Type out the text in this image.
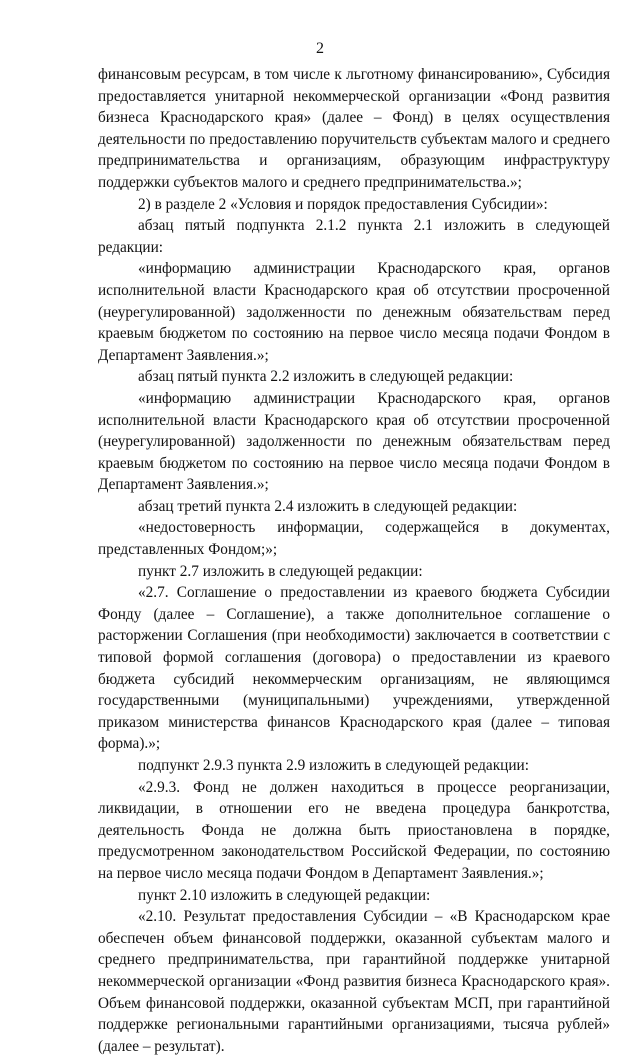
2

финансовым ресурсам, в том числе к льготному финансированию», Субсидия предоставляется унитарной некоммерческой организации «Фонд развития бизнеса Краснодарского края» (далее – Фонд) в целях осуществления деятельности по предоставлению поручительств субъектам малого и среднего предпринимательства и организациям, образующим инфраструктуру поддержки субъектов малого и среднего предпринимательства.»;

2) в разделе 2 «Условия и порядок предоставления Субсидии»:

абзац пятый подпункта 2.1.2 пункта 2.1 изложить в следующей редакции:

«информацию администрации Краснодарского края, органов исполнительной власти Краснодарского края об отсутствии просроченной (неурегулированной) задолженности по денежным обязательствам перед краевым бюджетом по состоянию на первое число месяца подачи Фондом в Департамент Заявления.»;

абзац пятый пункта 2.2 изложить в следующей редакции:

«информацию администрации Краснодарского края, органов исполнительной власти Краснодарского края об отсутствии просроченной (неурегулированной) задолженности по денежным обязательствам перед краевым бюджетом по состоянию на первое число месяца подачи Фондом в Департамент Заявления.»;

абзац третий пункта 2.4 изложить в следующей редакции:

«недостоверность информации, содержащейся в документах, представленных Фондом;»;

пункт 2.7 изложить в следующей редакции:

«2.7. Соглашение о предоставлении из краевого бюджета Субсидии Фонду (далее – Соглашение), а также дополнительное соглашение о расторжении Соглашения (при необходимости) заключается в соответствии с типовой формой соглашения (договора) о предоставлении из краевого бюджета субсидий некоммерческим организациям, не являющимся государственными (муниципальными) учреждениями, утвержденной приказом министерства финансов Краснодарского края (далее – типовая форма).»;

подпункт 2.9.3 пункта 2.9 изложить в следующей редакции:

«2.9.3. Фонд не должен находиться в процессе реорганизации, ликвидации, в отношении его не введена процедура банкротства, деятельность Фонда не должна быть приостановлена в порядке, предусмотренном законодательством Российской Федерации, по состоянию на первое число месяца подачи Фондом в Департамент Заявления.»;

пункт 2.10 изложить в следующей редакции:

«2.10. Результат предоставления Субсидии – «В Краснодарском крае обеспечен объем финансовой поддержки, оказанной субъектам малого и среднего предпринимательства, при гарантийной поддержке унитарной некоммерческой организации «Фонд развития бизнеса Краснодарского края». Объем финансовой поддержки, оказанной субъектам МСП, при гарантийной поддержке региональными гарантийными организациями, тысяча рублей» (далее – результат).
